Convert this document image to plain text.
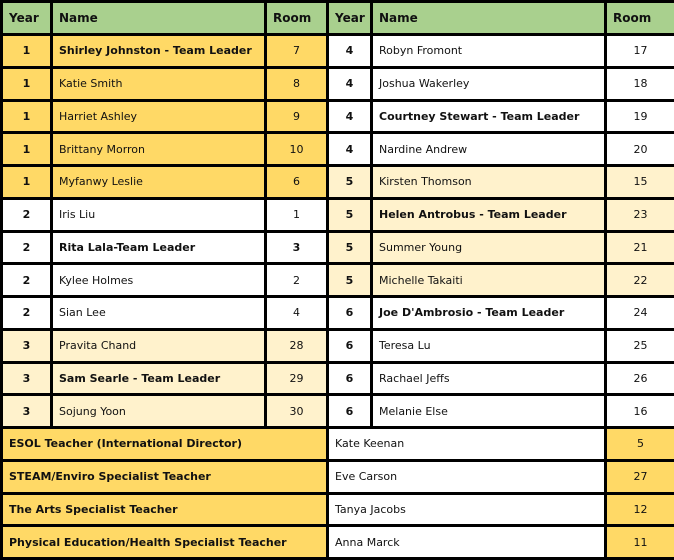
Year	Name	Room	Year	Name	Room
1	Shirley Johnston - Team Leader	7	4	Robyn Fromont	17
1	Katie Smith	8	4	Joshua Wakerley	18
1	Harriet Ashley	9	4	Courtney Stewart - Team Leader	19
1	Brittany Morron	10	4	Nardine Andrew	20
1	Myfanwy Leslie	6	5	Kirsten Thomson	15
2	Iris Liu	1	5	Helen Antrobus - Team Leader	23
2	Rita Lala-Team Leader	3	5	Summer Young	21
2	Kylee Holmes	2	5	Michelle Takaiti	22
2	Sian Lee	4	6	Joe D'Ambrosio - Team Leader	24
3	Pravita Chand	28	6	Teresa Lu	25
3	Sam Searle - Team Leader	29	6	Rachael Jeffs	26
3	Sojung Yoon	30	6	Melanie Else	16
ESOL Teacher (International Director)			Kate Keenan		5
STEAM/Enviro Specialist Teacher			Eve Carson		27
The Arts Specialist Teacher			Tanya Jacobs		12
Physical Education/Health Specialist Teacher			Anna Marck		11
